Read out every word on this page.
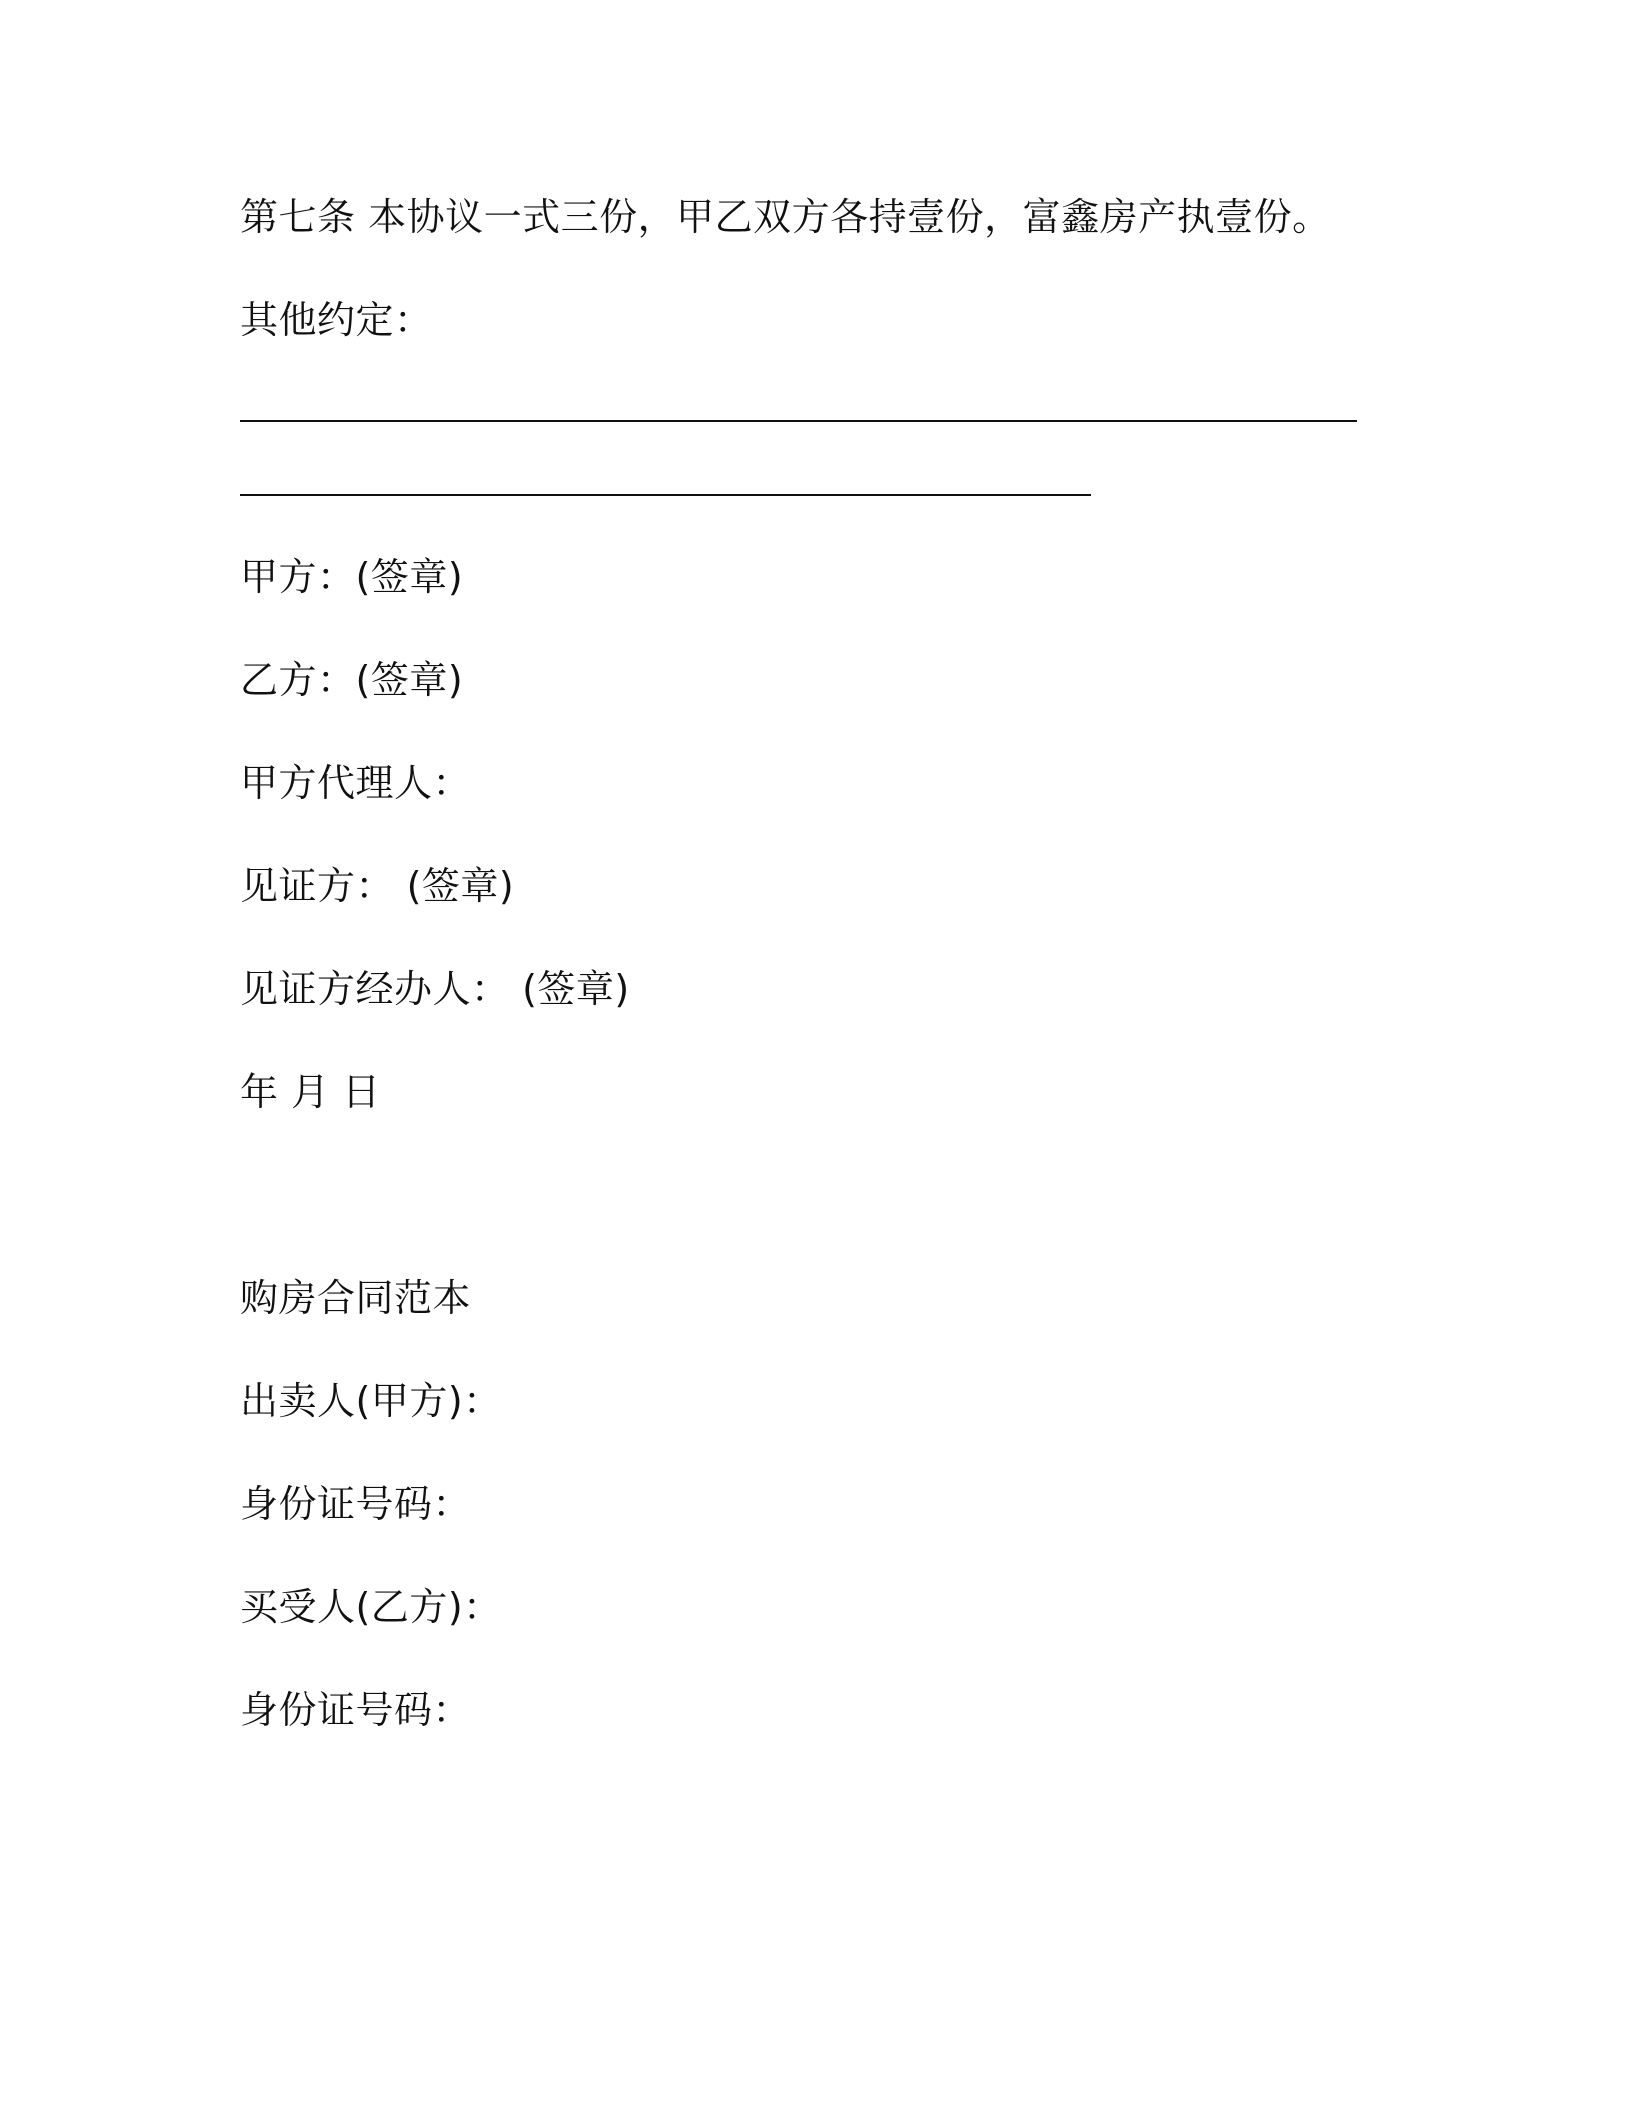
第七条 本协议一式三份，甲乙双方各持壹份，富鑫房产执壹份。
其他约定：
甲方：(签章)
乙方：(签章)
甲方代理人：
见证方： (签章)
见证方经办人： (签章)
年 月 日
购房合同范本
出卖人(甲方)：
身份证号码：
买受人(乙方)：
身份证号码：
